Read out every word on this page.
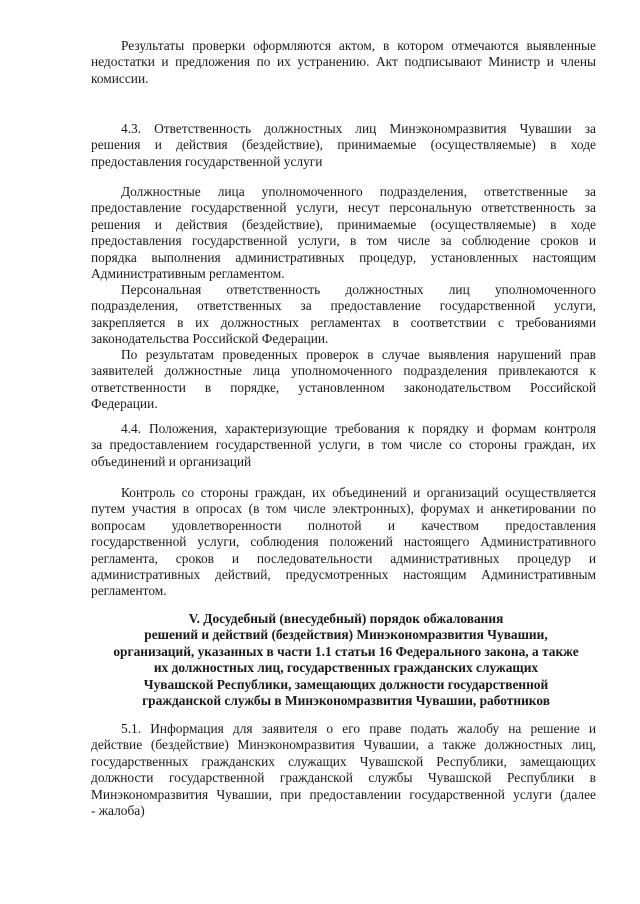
Результаты проверки оформляются актом, в котором отмечаются выявленные
недостатки и предложения по их устранению. Акт подписывают Министр и члены
комиссии.
4.3. Ответственность должностных лиц Минэкономразвития Чувашии за
решения и действия (бездействие), принимаемые (осуществляемые) в ходе
предоставления государственной услуги
Должностные лица уполномоченного подразделения, ответственные за
предоставление государственной услуги, несут персональную ответственность за
решения и действия (бездействие), принимаемые (осуществляемые) в ходе
предоставления государственной услуги, в том числе за соблюдение сроков и
порядка выполнения административных процедур, установленных настоящим
Административным регламентом.
Персональная ответственность должностных лиц уполномоченного
подразделения, ответственных за предоставление государственной услуги,
закрепляется в их должностных регламентах в соответствии с требованиями
законодательства Российской Федерации.
По результатам проведенных проверок в случае выявления нарушений прав
заявителей должностные лица уполномоченного подразделения привлекаются к
ответственности в порядке, установленном законодательством Российской
Федерации.
4.4. Положения, характеризующие требования к порядку и формам контроля
за предоставлением государственной услуги, в том числе со стороны граждан, их
объединений и организаций
Контроль со стороны граждан, их объединений и организаций осуществляется
путем участия в опросах (в том числе электронных), форумах и анкетировании по
вопросам удовлетворенности полнотой и качеством предоставления
государственной услуги, соблюдения положений настоящего Административного
регламента, сроков и последовательности административных процедур и
административных действий, предусмотренных настоящим Административным
регламентом.
V. Досудебный (внесудебный) порядок обжалования
решений и действий (бездействия) Минэкономразвития Чувашии,
организаций, указанных в части 1.1 статьи 16 Федерального закона, а также
их должностных лиц, государственных гражданских служащих
Чувашской Республики, замещающих должности государственной
гражданской службы в Минэкономразвития Чувашии, работников
5.1. Информация для заявителя о его праве подать жалобу на решение и
действие (бездействие) Минэкономразвития Чувашии, а также должностных лиц,
государственных гражданских служащих Чувашской Республики, замещающих
должности государственной гражданской службы Чувашской Республики в
Минэкономразвития Чувашии, при предоставлении государственной услуги (далее
- жалоба)
